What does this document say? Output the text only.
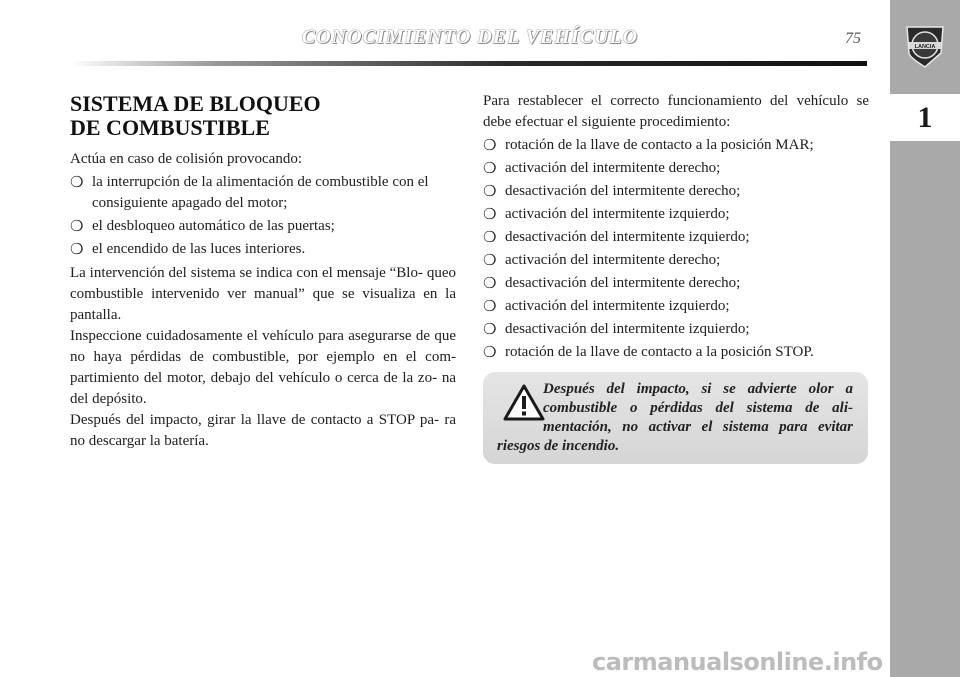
CONOCIMIENTO DEL VEHÍCULO	75	LANCIA
1
SISTEMA DE BLOQUEO
DE COMBUSTIBLE

Actúa en caso de colisión provocando:

❍ la interrupción de la alimentación de combustible con el consiguiente apagado del motor;
❍ el desbloqueo automático de las puertas;
❍ el encendido de las luces interiores.

La intervención del sistema se indica con el mensaje “Blo- queo combustible intervenido ver manual” que se visualiza en la pantalla.

Inspeccione cuidadosamente el vehículo para asegurarse de que no haya pérdidas de combustible, por ejemplo en el com- partimiento del motor, debajo del vehículo o cerca de la zo- na del depósito.

Después del impacto, girar la llave de contacto a STOP pa- ra no descargar la batería.

Para restablecer el correcto funcionamiento del vehículo se debe efectuar el siguiente procedimiento:

❍ rotación de la llave de contacto a la posición MAR;
❍ activación del intermitente derecho;
❍ desactivación del intermitente derecho;
❍ activación del intermitente izquierdo;
❍ desactivación del intermitente izquierdo;
❍ activación del intermitente derecho;
❍ desactivación del intermitente derecho;
❍ activación del intermitente izquierdo;
❍ desactivación del intermitente izquierdo;
❍ rotación de la llave de contacto a la posición STOP.

Después del impacto, si se advierte olor a combustible o pérdidas del sistema de ali- mentación, no activar el sistema para evitar riesgos de incendio.

carmanualsonline.info
